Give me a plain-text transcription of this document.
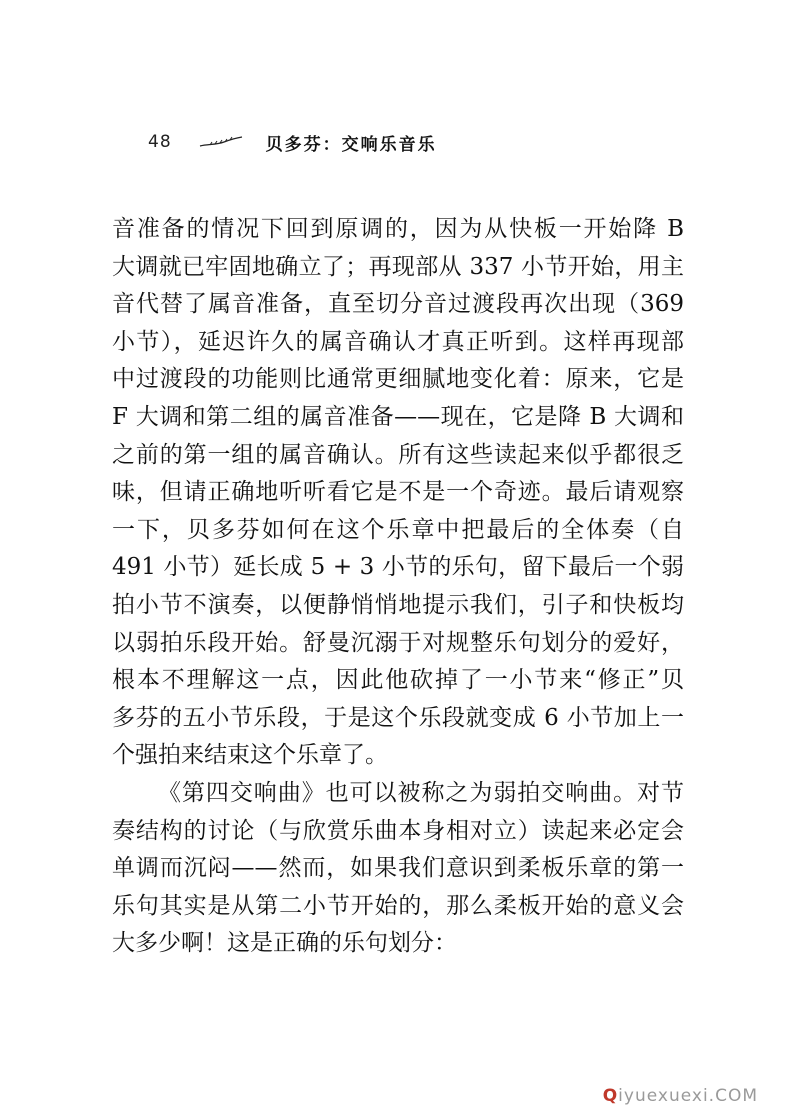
48	贝多芬：交响乐音乐
音准备的情况下回到原调的，因为从快板一开始降 B
大调就已牢固地确立了；再现部从 337 小节开始，用主
音代替了属音准备，直至切分音过渡段再次出现（369
小节），延迟许久的属音确认才真正听到。这样再现部
中过渡段的功能则比通常更细腻地变化着：原来，它是
F 大调和第二组的属音准备——现在，它是降 B 大调和
之前的第一组的属音确认。所有这些读起来似乎都很乏
味，但请正确地听听看它是不是一个奇迹。最后请观察
一下，贝多芬如何在这个乐章中把最后的全体奏（自
491 小节）延长成 5 + 3 小节的乐句，留下最后一个弱
拍小节不演奏，以便静悄悄地提示我们，引子和快板均
以弱拍乐段开始。舒曼沉溺于对规整乐句划分的爱好，
根本不理解这一点，因此他砍掉了一小节来“修正”贝
多芬的五小节乐段，于是这个乐段就变成 6 小节加上一
个强拍来结束这个乐章了。
《第四交响曲》也可以被称之为弱拍交响曲。对节
奏结构的讨论（与欣赏乐曲本身相对立）读起来必定会
单调而沉闷——然而，如果我们意识到柔板乐章的第一
乐句其实是从第二小节开始的，那么柔板开始的意义会
大多少啊！这是正确的乐句划分：
Qiyuexuexi.COM
